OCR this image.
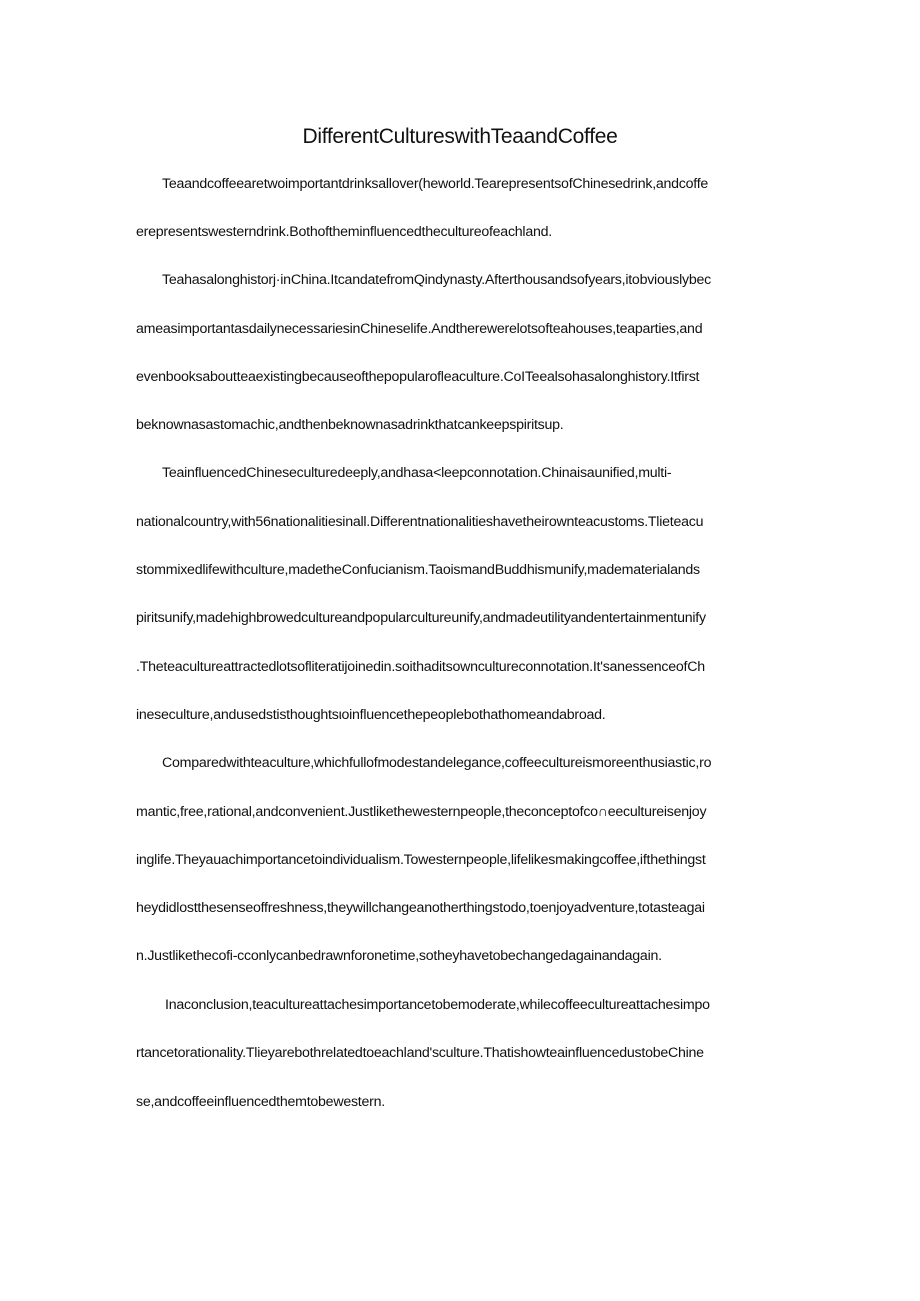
DifferentCultureswithTeaandCoffee

Teaandcoffeearetwoimportantdrinksallover(heworld.TearepresentsofChinesedrink,andcoffe

erepresentswesterndrink.Bothoftheminfluencedthecultureofeachland.

Teahasalonghistorj·inChina.ItcandatefromQindynasty.Afterthousandsofyears,itobviouslybec

ameasimportantasdailynecessariesinChineselife.Andtherewerelotsofteahouses,teaparties,and

evenbooksaboutteaexistingbecauseofthepopularofleaculture.CoITeealsohasalonghistory.Itfirst

beknownasastomachic,andthenbeknownasadrinkthatcankeepspiritsup.

TeainfluencedChineseculturedeeply,andhasa<leepconnotation.Chinaisaunified,multi-

nationalcountry,with56nationalitiesinall.Differentnationalitieshavetheirownteacustoms.Tlieteacu

stommixedlifewithculture,madetheConfucianism.TaoismandBuddhismunify,madematerialands

piritsunify,madehighbrowedcultureandpopularcultureunify,andmadeutilityandentertainmentunify

.Theteacultureattractedlotsofliteratijoinedin.soithaditsowncultureconnotation.It'sanessenceofCh

ineseculture,andusedstisthoughtsιoinfluencethepeoplebothathomeandabroad.

Comparedwithteaculture,whichfullofmodestandelegance,coffeecultureismoreenthusiastic,ro

mantic,free,rational,andconvenient.Justlikethewesternpeople,theconceptofco∩eecultureisenjoy

inglife.Theyauachimportancetoindividualism.Towesternpeople,lifelikesmakingcoffee,ifthethingst

heydidlostthesenseoffreshness,theywillchangeanotherthingstodo,toenjoyadventure,totasteagai

n.Justlikethecofi-cconlycanbedrawnforonetime,sotheyhavetobechangedagainandagain.

Inaconclusion,teacultureattachesimportancetobemoderate,whilecoffeecultureattachesimpo

rtancetorationality.Tlieyarebothrelatedtoeachland'sculture.ThatishowteainfluencedustobeChine

se,andcoffeeinfluencedthemtobewestern.
